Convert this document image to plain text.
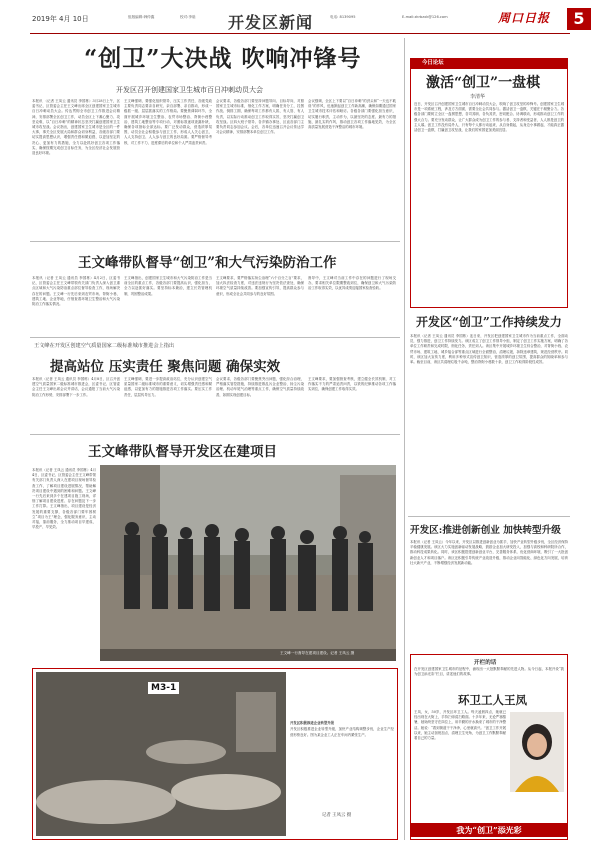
2019年 4月 10日	组版编辑:韩仲鑫	校对:李晗 开发区新闻	电话: 8139095	E-mail:zkrbzxk@126.com	周口日报	5
“创卫”大决战 吹响冲锋号
开发区召开创建国家卫生城市百日冲刺动员大会
本报讯 （记者 王凤云 通讯员 李国栋）3月28日上午，区委书记、区管委会主任王文峰出席全区创建国家卫生城市百日冲刺动员大会。传达贯彻全市创卫工作推进会议精神，安排部署全区创卫工作，动员全区上下凝心聚力、攻坚克难，以“百日冲刺”的精神状态坚决打赢创建国家卫生城市攻坚战。会议指出，创建国家卫生城市是全区的一件大事，事关全区发展大局和群众切身利益，各级各部门要切实提高思想认识，增强责任感和紧迫感，以更加坚定的决心、更加有力的措施，全力以赴抓好创卫各项工作落实，确保按期完成创卫目标任务，为全区经济社会发展营造良好环境。
王文峰强调，要强化组织领导，压实工作责任，各级党政主要负责同志要亲自研究、亲自部署、亲自推动，形成一级抓一级、层层抓落实的工作格局。要聚焦薄弱环节，全面开展城乡环境卫生整治、农贸市场整治、背街小巷整治、建筑工地整治等专项行动，对照标准逐项查漏补缺，确保各项指标全部达标。要广泛发动群众，营造浓厚氛围，动员全社会积极参与创卫工作，形成人人关心创卫、人人支持创卫、人人参与创卫的良好局面。要严格督导考核，对工作不力、进度滞后的单位和个人严肃追责问责。
会议要求，各级各部门要坚持问题导向、目标导向，对照国家卫生城市标准，细化工作方案，明确任务分工，挂图作战、倒排工期，确保每项工作都有人抓、有人管、有人负责，以实际行动推动创卫工作取得实效，坚决打赢创卫攻坚战。区四大班子领导、各乡镇办事处、区直各部门主要负责同志参加会议。会后，各单位迅速召开会议传达学习会议精神，安排部署本单位创卫工作。
会议强调，全区上下要以“百日冲刺”的劲头和“一天也不耽误”的作风，迅速掀起创卫工作新高潮，确保如期通过国家卫生城市技术评估和暗访。各级各部门要强化担当意识，切实履行职责，主动作为，以最坚决的态度、最有力的措施、最扎实的作风，推动创卫各项工作落地见效，为全区高质量发展营造干净整洁的城市环境。
王文峰带队督导“创卫”和大气污染防治工作
本报讯（记者 王凤云 通讯员 李国栋）4月2日，区委书记、区管委会主任王文峰带领有关部门负责人深入创卫重点区域和大气污染防治重点部位督导检查工作，现场解决存在的问题。王文峰一行先后来到农贸市场、背街小巷、建筑工地、企业等地，仔细查看环境卫生整治和大气污染防治工作落实情况。
王文峰指出，创建国家卫生城市和大气污染防治工作是当前全区的重点工作，各级各部门要提高认识，强化担当，全力以赴抓好落实。要坚持标本兼治，建立长效管理机制，巩固整治成果。
王文峰要求，要严格落实扬尘治理“六个百分之百”要求，加大执法检查力度，对违法违规行为坚决依法查处，确保环境空气质量持续改善。要加强宣传引导，提高群众参与意识，形成全社会共同参与的良好氛围。
督导中，王文峰对当前工作中存在的问题进行了现场交办，要求相关单位限期整改到位，确保创卫和大气污染防治工作取得实效，以优异成绩迎接国家检查验收。
王文峰在开发区创建空气质量国家二级标准城市推进会上指出
提高站位 压实责任 聚焦问题 确保实效
本报讯（记者 王凤云 通讯员 李国栋）4月8日，区召开创建空气质量国家二级标准城市推进会，区委书记、区管委会主任王文峰出席会议并讲话，会议通报了当前大气污染防治工作形势，安排部署下一步工作。
王文峰强调，要进一步提高政治站位，充分认识创建空气质量国家二级标准城市的重要意义，切实增强责任感和紧迫感，以更加有力的措施推进各项工作落实。要压实工作责任，层层传导压力。
会议要求，各级各部门要聚焦突出问题，强化综合治理，严格落实管控措施，持续推进散乱污企业整治、扬尘污染治理、机动车尾气治理等重点工作，确保空气质量持续改善，如期实现创建目标。
王文峰要求，要加强督查考核，建立健全长效机制，对工作落实不力的严肃追责问责，以铁的纪律推动各项工作落实到位，确保创建工作取得实效。
王文峰带队督导开发区在建项目
本报讯（记者 王凤云 通讯员 李国栋）4月4日，区委书记、区管委会主任王文峰带领有关部门负责人深入在建项目现场督导检查工作，了解项目建设进展情况，帮助解决项目建设中遇到的困难和问题。王文峰一行先后来到多个在建项目施工现场，详细了解项目建设进度、存在问题及下一步工作打算。王文峰指出，项目建设是经济发展的重要支撑，各级各部门要牢固树立“项目为王”理念，强化服务意识，主动对接，靠前服务，全力推动项目早建成、早投产、早见效。
王文峰一行督导在建项目建设。记者 王凤云 摄
M3-1
开发区积极推进企业转型升级
开发区积极推进企业转型升级，加快产业结构调整步伐，企业生产经营形势良好。图为某企业工人正在车间内紧张生产。
记者 王凤云 摄
今日论坛
激活“创卫”一盘棋
李清华
近日，开发区召开创建国家卫生城市百日冲刺动员大会，吹响了创卫攻坚的冲锋号。创建国家卫生城市是一项系统工程，涉及方方面面，需要全社会共同参与。激活创卫一盘棋，关键在于凝聚合力。各级各部门要树立全区一盘棋思想，各司其职、各负其责，密切配合、协调联动，形成推动创卫工作的强大合力。要充分发动群众，让广大群众成为创卫工作的参与者、支持者和受益者，人人都是创卫的主人翁。创卫工作没有局外人，只有每个人都行动起来，从自身做起，从身边小事做起，才能真正激活创卫一盘棋，打赢创卫攻坚战，让我们的家园更加美丽宜居。
开发区“创卫”工作持续发力
本报讯（记者 王凤云 通讯员 李国栋）连日来，开发区把创建国家卫生城市作为当前重点工作，全面动员，强力推进，创卫工作持续发力。该区成立了创卫工作领导小组，制定了创卫工作实施方案，明确了各单位工作职责和完成时限，细化任务，责任到人。该区集中开展城乡环境卫生综合整治，对背街小巷、农贸市场、建筑工地、城乡接合部等重点区域进行全面整治，清理垃圾，拆除违章建筑，规范经营秩序。同时，该区加大宣传力度，利用多种形式宣传创卫知识，营造浓厚的创卫氛围，提高群众的知晓率和参与率。截至目前，该区共清理垃圾千余吨，整治背街小巷数十条，创卫工作取得阶段性成效。
开发区:推进创新创业 加快转型升级
本报讯（记者 王凤云）今年以来，开发区以推进创新创业为抓手，加快产业转型升级步伐，全区经济保持平稳健康发展。该区大力实施创新驱动发展战略，鼓励企业加大研发投入，加强与高校和科研院所合作，推动科技成果转化。同时，该区积极搭建创新创业平台，完善服务体系，优化营商环境，吸引了一大批创新创业人才和项目落户。该区还积极引导传统产业改造升级，推动企业向智能化、绿色化方向发展，培育壮大新兴产业，不断增强经济发展新动能。
开栏的话
在开发区创建国家卫生城市的征程中，涌现出一大批默默奉献的先进人物。从今日起，本报开设“我为创卫添光彩”栏目，讲述他们的故事。
环卫工人王凤
王凤，女，50岁，开发区环卫工人。每天凌晨四点，她就已经出现在大街上，手持扫帚清扫路面。十多年来，无论严寒酷暑，她始终坚守在岗位上，用辛勤的汗水换来了城市的干净整洁。她说：“看到街道干干净净，心里就高兴。”创卫工作开展以来，她主动加班加点，清理卫生死角，为创卫工作默默奉献着自己的力量。
我为“创卫”添光彩
